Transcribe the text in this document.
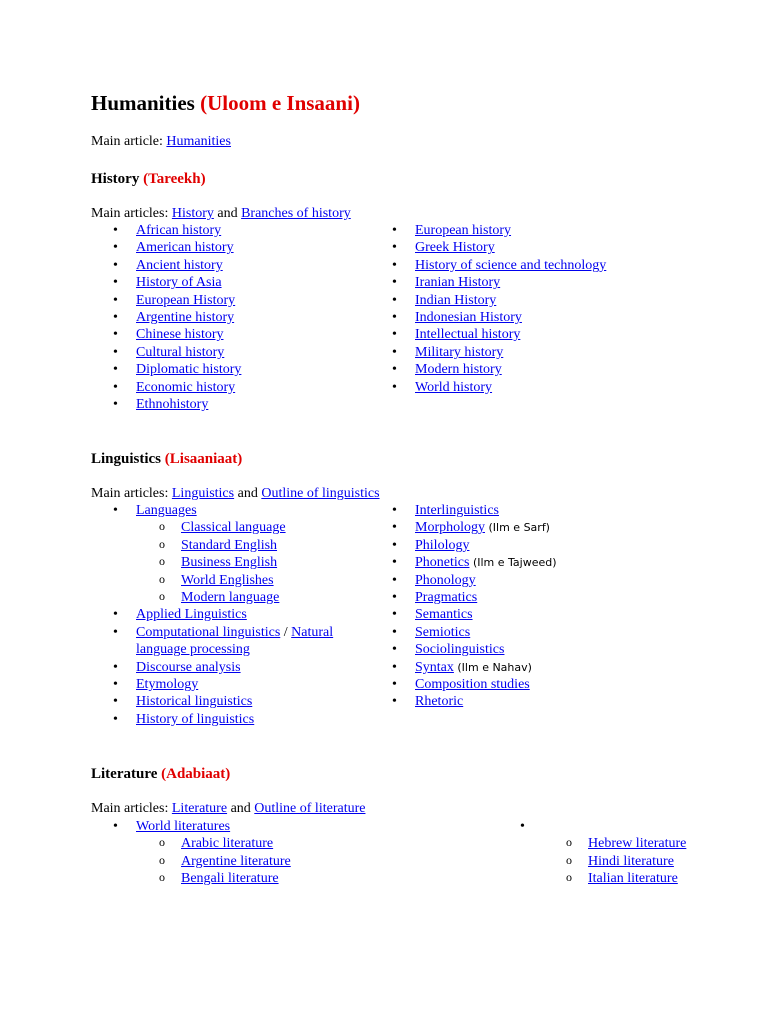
Humanities (Uloom e Insaani)
Main article: Humanities
History (Tareekh)
Main articles: History and Branches of history
• African history
• American history
• Ancient history
• History of Asia
• European History
• Argentine history
• Chinese history
• Cultural history
• Diplomatic history
• Economic history
• Ethnohistory
• European history
• Greek History
• History of science and technology
• Iranian History
• Indian History
• Indonesian History
• Intellectual history
• Military history
• Modern history
• World history
Linguistics (Lisaaniaat)
Main articles: Linguistics and Outline of linguistics
• Languages
o Classical language
o Standard English
o Business English
o World Englishes
o Modern language
• Applied Linguistics
• Computational linguistics / Natural language processing
• Discourse analysis
• Etymology
• Historical linguistics
• History of linguistics
• Interlinguistics
• Morphology (Ilm e Sarf)
• Philology
• Phonetics (Ilm e Tajweed)
• Phonology
• Pragmatics
• Semantics
• Semiotics
• Sociolinguistics
• Syntax (Ilm e Nahav)
• Composition studies
• Rhetoric
Literature (Adabiaat)
Main articles: Literature and Outline of literature
• World literatures
o Arabic literature
o Argentine literature
o Bengali literature
o • Hebrew literature
o Hindi literature
o Italian literature
